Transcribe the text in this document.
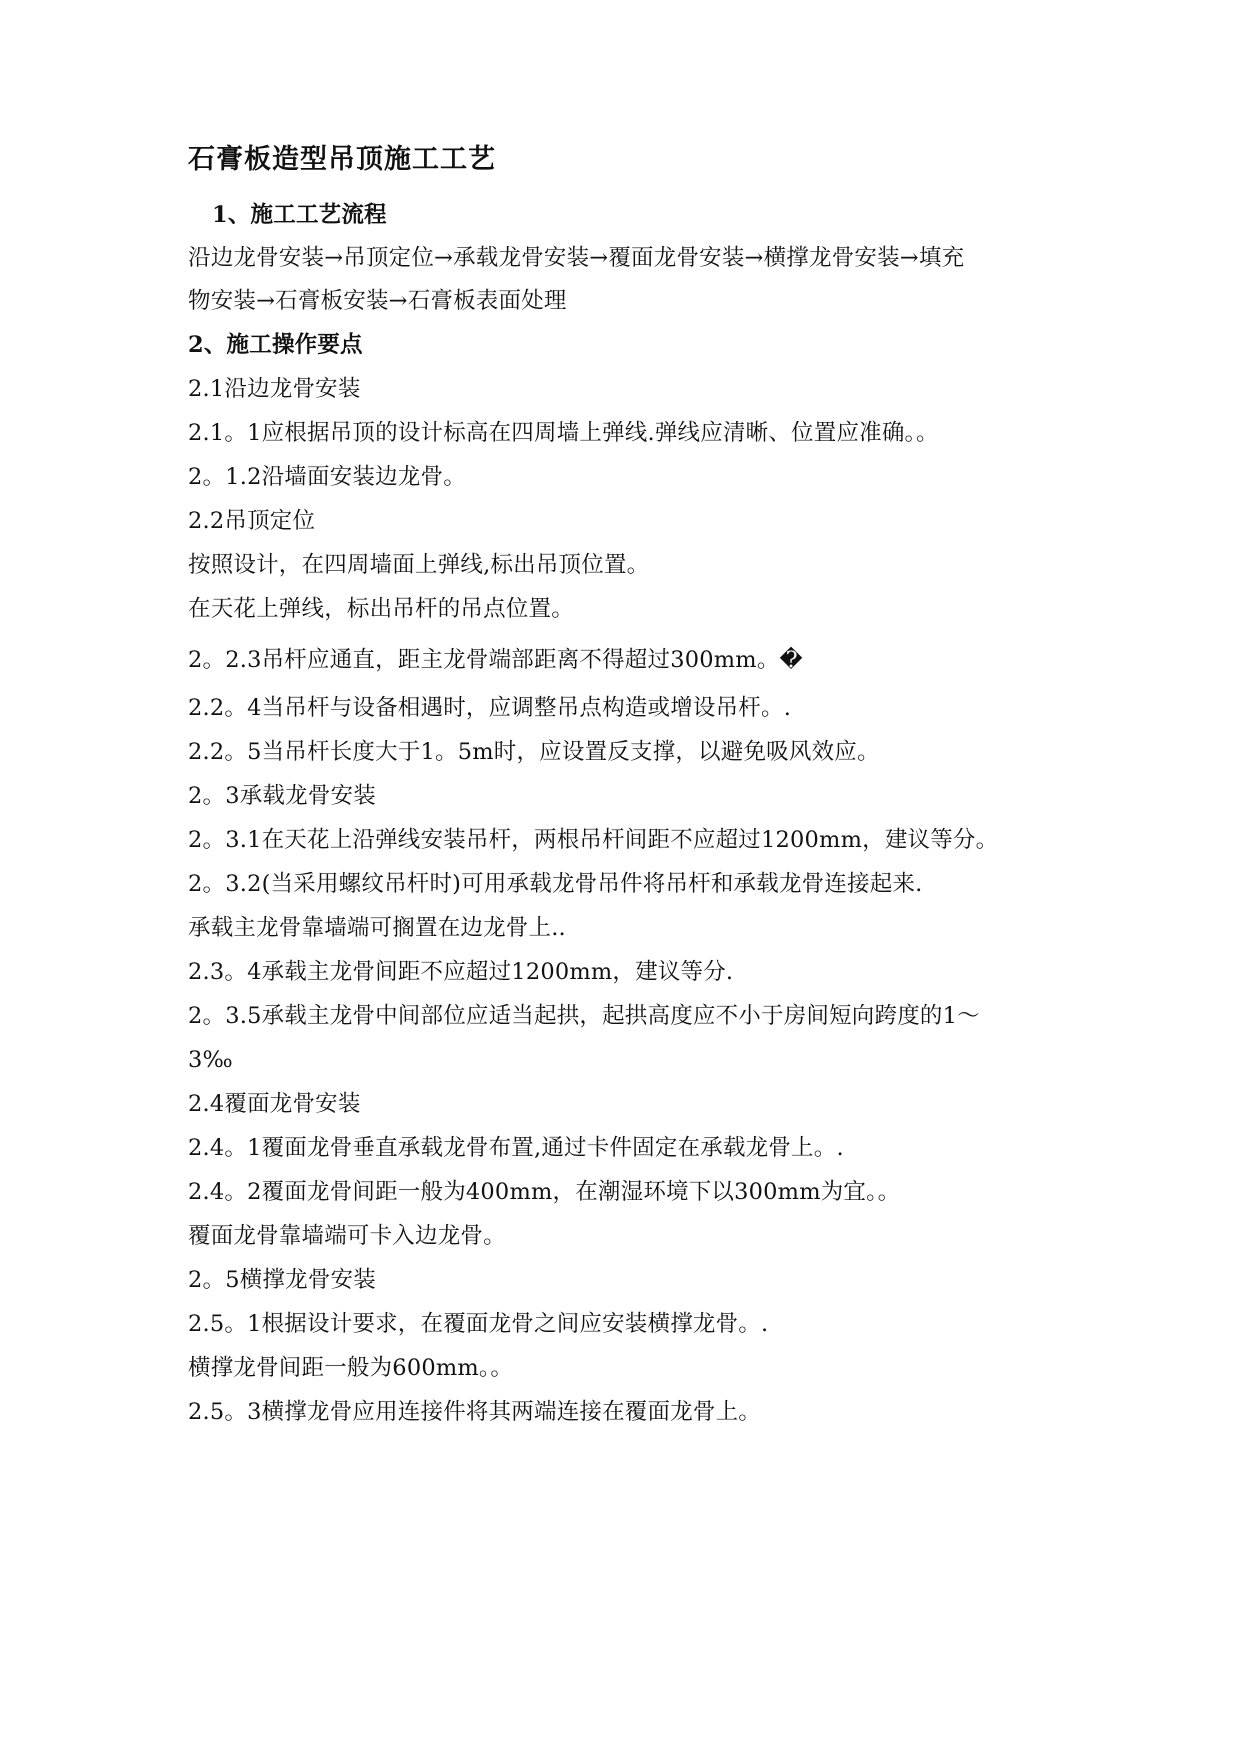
石膏板造型吊顶施工工艺
1、施工工艺流程
沿边龙骨安装→吊顶定位→承载龙骨安装→覆面龙骨安装→横撑龙骨安装→填充
物安装→石膏板安装→石膏板表面处理
2、施工操作要点
2.1沿边龙骨安装
2.1。1应根据吊顶的设计标高在四周墙上弹线.弹线应清晰、位置应准确。。
2。1.2沿墙面安装边龙骨。
2.2吊顶定位
按照设计，在四周墙面上弹线,标出吊顶位置。
在天花上弹线，标出吊杆的吊点位置。
2。2.3吊杆应通直，距主龙骨端部距离不得超过300mm。�
2.2。4当吊杆与设备相遇时，应调整吊点构造或增设吊杆。.
2.2。5当吊杆长度大于1。5m时，应设置反支撑，以避免吸风效应。
2。3承载龙骨安装
2。3.1在天花上沿弹线安装吊杆，两根吊杆间距不应超过1200mm，建议等分。
2。3.2(当采用螺纹吊杆时)可用承载龙骨吊件将吊杆和承载龙骨连接起来.
承载主龙骨靠墙端可搁置在边龙骨上..
2.3。4承载主龙骨间距不应超过1200mm，建议等分.
2。3.5承载主龙骨中间部位应适当起拱，起拱高度应不小于房间短向跨度的1～
3‰
2.4覆面龙骨安装
2.4。1覆面龙骨垂直承载龙骨布置,通过卡件固定在承载龙骨上。.
2.4。2覆面龙骨间距一般为400mm，在潮湿环境下以300mm为宜。。
覆面龙骨靠墙端可卡入边龙骨。
2。5横撑龙骨安装
2.5。1根据设计要求，在覆面龙骨之间应安装横撑龙骨。.
横撑龙骨间距一般为600mm。。
2.5。3横撑龙骨应用连接件将其两端连接在覆面龙骨上。
